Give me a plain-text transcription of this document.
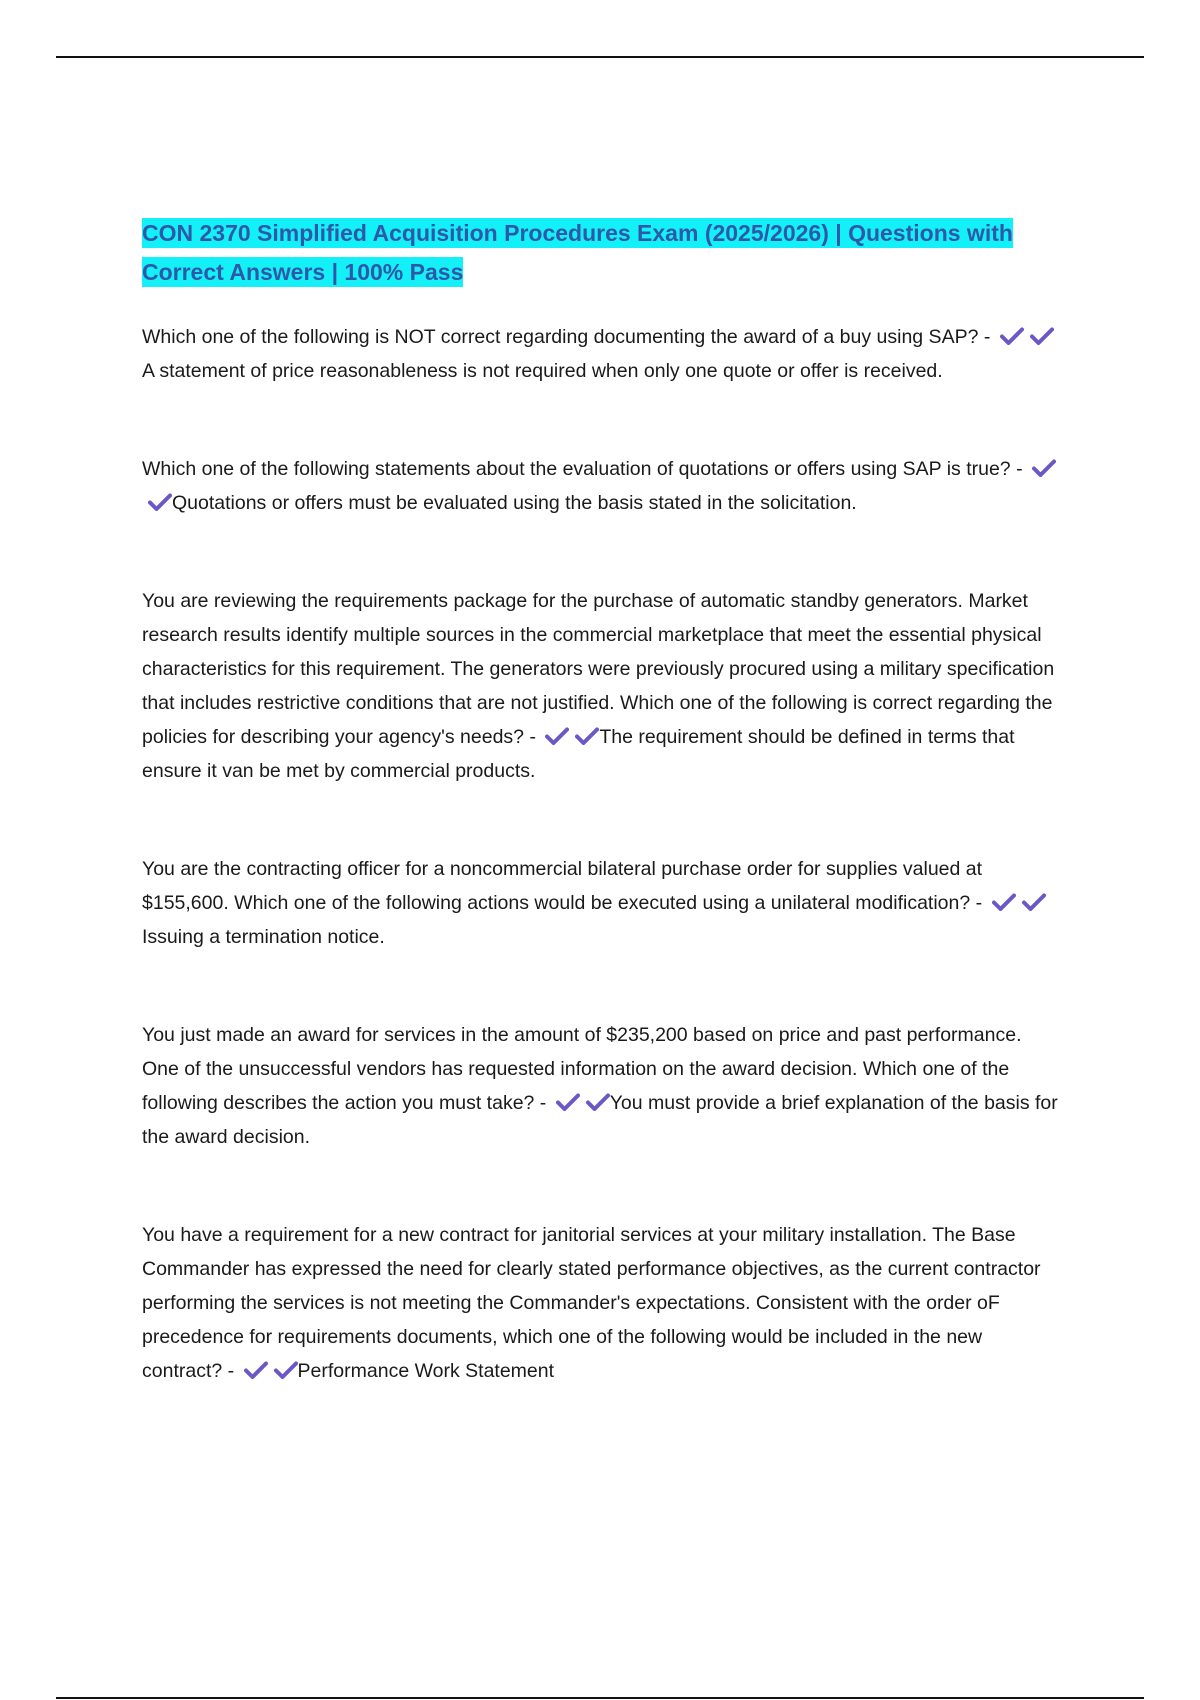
CON 2370 Simplified Acquisition Procedures Exam (2025/2026) | Questions with Correct Answers | 100% Pass
Which one of the following is NOT correct regarding documenting the award of a buy using SAP? -
A statement of price reasonableness is not required when only one quote or offer is received.
Which one of the following statements about the evaluation of quotations or offers using SAP is true? -
Quotations or offers must be evaluated using the basis stated in the solicitation.
You are reviewing the requirements package for the purchase of automatic standby generators. Market research results identify multiple sources in the commercial marketplace that meet the essential physical characteristics for this requirement. The generators were previously procured using a military specification that includes restrictive conditions that are not justified. Which one of the following is correct regarding the policies for describing your agency's needs? -	The requirement should be defined in terms that ensure it van be met by commercial products.
You are the contracting officer for a noncommercial bilateral purchase order for supplies valued at $155,600. Which one of the following actions would be executed using a unilateral modification? -
Issuing a termination notice.
You just made an award for services in the amount of $235,200 based on price and past performance. One of the unsuccessful vendors has requested information on the award decision. Which one of the following describes the action you must take? -	You must provide a brief explanation of the basis for the award decision.
You have a requirement for a new contract for janitorial services at your military installation. The Base Commander has expressed the need for clearly stated performance objectives, as the current contractor performing the services is not meeting the Commander's expectations. Consistent with the order oF precedence for requirements documents, which one of the following would be included in the new contract? -	Performance Work Statement
